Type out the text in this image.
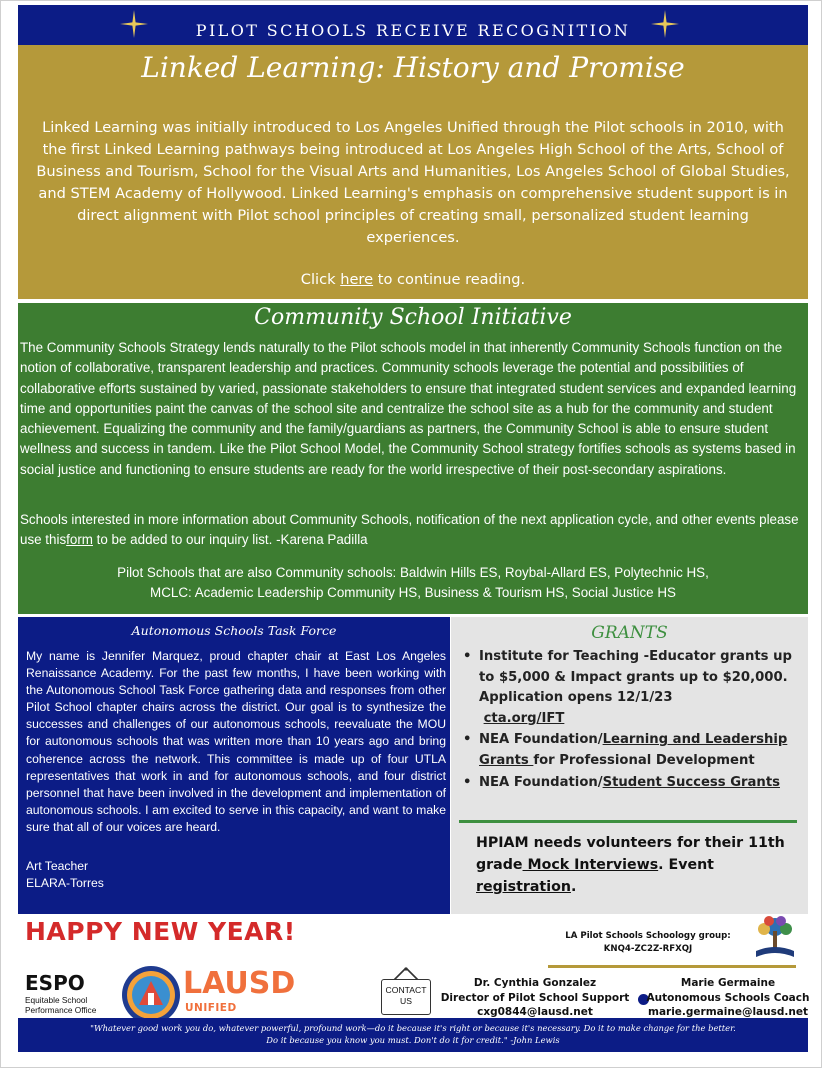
PILOT SCHOOLS RECEIVE RECOGNITION
Linked Learning: History and Promise
Linked Learning was initially introduced to Los Angeles Unified through the Pilot schools in 2010, with the first Linked Learning pathways being introduced at Los Angeles High School of the Arts, School of Business and Tourism, School for the Visual Arts and Humanities, Los Angeles School of Global Studies, and STEM Academy of Hollywood. Linked Learning's emphasis on comprehensive student support is in direct alignment with Pilot school principles of creating small, personalized student learning experiences.
Click here to continue reading.
Community School Initiative
The Community Schools Strategy lends naturally to the Pilot schools model in that inherently Community Schools function on the notion of collaborative, transparent leadership and practices. Community schools leverage the potential and possibilities of collaborative efforts sustained by varied, passionate stakeholders to ensure that integrated student services and expanded learning time and opportunities paint the canvas of the school site and centralize the school site as a hub for the community and student achievement. Equalizing the community and the family/guardians as partners, the Community School is able to ensure student wellness and success in tandem. Like the Pilot School Model, the Community School strategy fortifies schools as systems based in social justice and functioning to ensure students are ready for the world irrespective of their post-secondary aspirations.
Schools interested in more information about Community Schools, notification of the next application cycle, and other events please use thisform to be added to our inquiry list. -Karena Padilla
Pilot Schools that are also Community schools: Baldwin Hills ES, Roybal-Allard ES, Polytechnic HS,
MCLC: Academic Leadership Community HS, Business & Tourism HS, Social Justice HS
Autonomous Schools Task Force
My name is Jennifer Marquez, proud chapter chair at East Los Angeles Renaissance Academy. For the past few months, I have been working with the Autonomous School Task Force gathering data and responses from other Pilot School chapter chairs across the district. Our goal is to synthesize the successes and challenges of our autonomous schools, reevaluate the MOU for autonomous schools that was written more than 10 years ago and bring coherence across the network. This committee is made up of four UTLA representatives that work in and for autonomous schools, and four district personnel that have been involved in the development and implementation of autonomous schools. I am excited to serve in this capacity, and want to make sure that all of our voices are heard.
Art Teacher
ELARA-Torres
GRANTS
• Institute for Teaching -Educator grants up to $5,000 & Impact grants up to $20,000. Application opens 12/1/23
cta.org/IFT
• NEA Foundation/Learning and Leadership Grants for Professional Development
• NEA Foundation/Student Success Grants
HPIAM needs volunteers for their 11th grade Mock Interviews. Event registration.
HAPPY NEW YEAR!	LA Pilot Schools Schoology group:
KNQ4-ZC2Z-RFXQJ
ESPO
Equitable School
Performance Office
LAUSD
UNIFIED
CONTACT
US
Dr. Cynthia Gonzalez
Director of Pilot School Support
cxg0844@lausd.net
Marie Germaine
Autonomous Schools Coach
marie.germaine@lausd.net
"Whatever good work you do, whatever powerful, profound work—do it because it's right or because it's necessary. Do it to make change for the better.
Do it because you know you must. Don't do it for credit." -John Lewis
